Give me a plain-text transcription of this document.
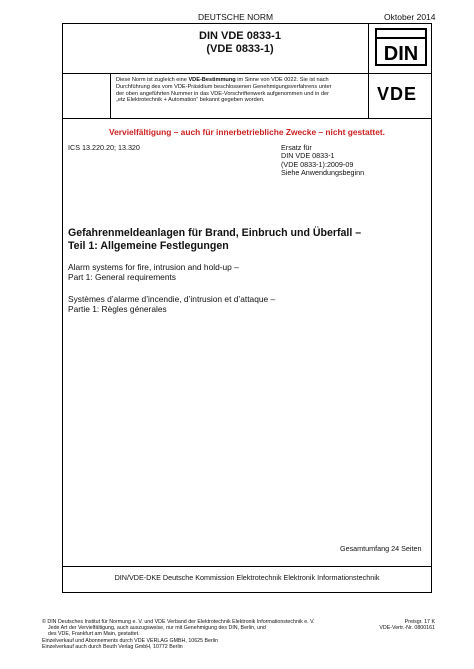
DEUTSCHE NORM	Oktober 2014
DIN VDE 0833-1
(VDE 0833-1)	DIN
VDE
Diese Norm ist zugleich eine VDE-Bestimmung im Sinne von VDE 0022. Sie ist nach
Durchführung des vom VDE-Präsidium beschlossenen Genehmigungsverfahrens unter
der oben angeführten Nummer in das VDE-Vorschriftenwerk aufgenommen und in der
„etz Elektrotechnik + Automation“ bekannt gegeben worden.
Vervielfältigung – auch für innerbetriebliche Zwecke – nicht gestattet.
ICS 13.220.20; 13.320	Ersatz für
DIN VDE 0833-1
(VDE 0833-1):2009-09
Siehe Anwendungsbeginn
Gefahrenmeldeanlagen für Brand, Einbruch und Überfall –
Teil 1: Allgemeine Festlegungen
Alarm systems for fire, intrusion and hold-up –
Part 1: General requirements
Systèmes d’alarme d’incendie, d’intrusion et d’attaque –
Partie 1: Règles génerales
Gesamtumfang 24 Seiten
DIN/VDE-DKE Deutsche Kommission Elektrotechnik Elektronik Informationstechnik
© DIN Deutsches Institut für Normung e. V. und VDE Verband der Elektrotechnik Elektronik Informationstechnik e. V.
Jede Art der Vervielfältigung, auch auszugsweise, nur mit Genehmigung des DIN, Berlin, und
des VDE, Frankfurt am Main, gestattet.
Einzelverkauf und Abonnements durch VDE VERLAG GMBH, 10625 Berlin
Einzelverkauf auch durch Beuth Verlag GmbH, 10772 Berlin
Preisgr. 17 K
VDE-Vertr.-Nr. 0800161
